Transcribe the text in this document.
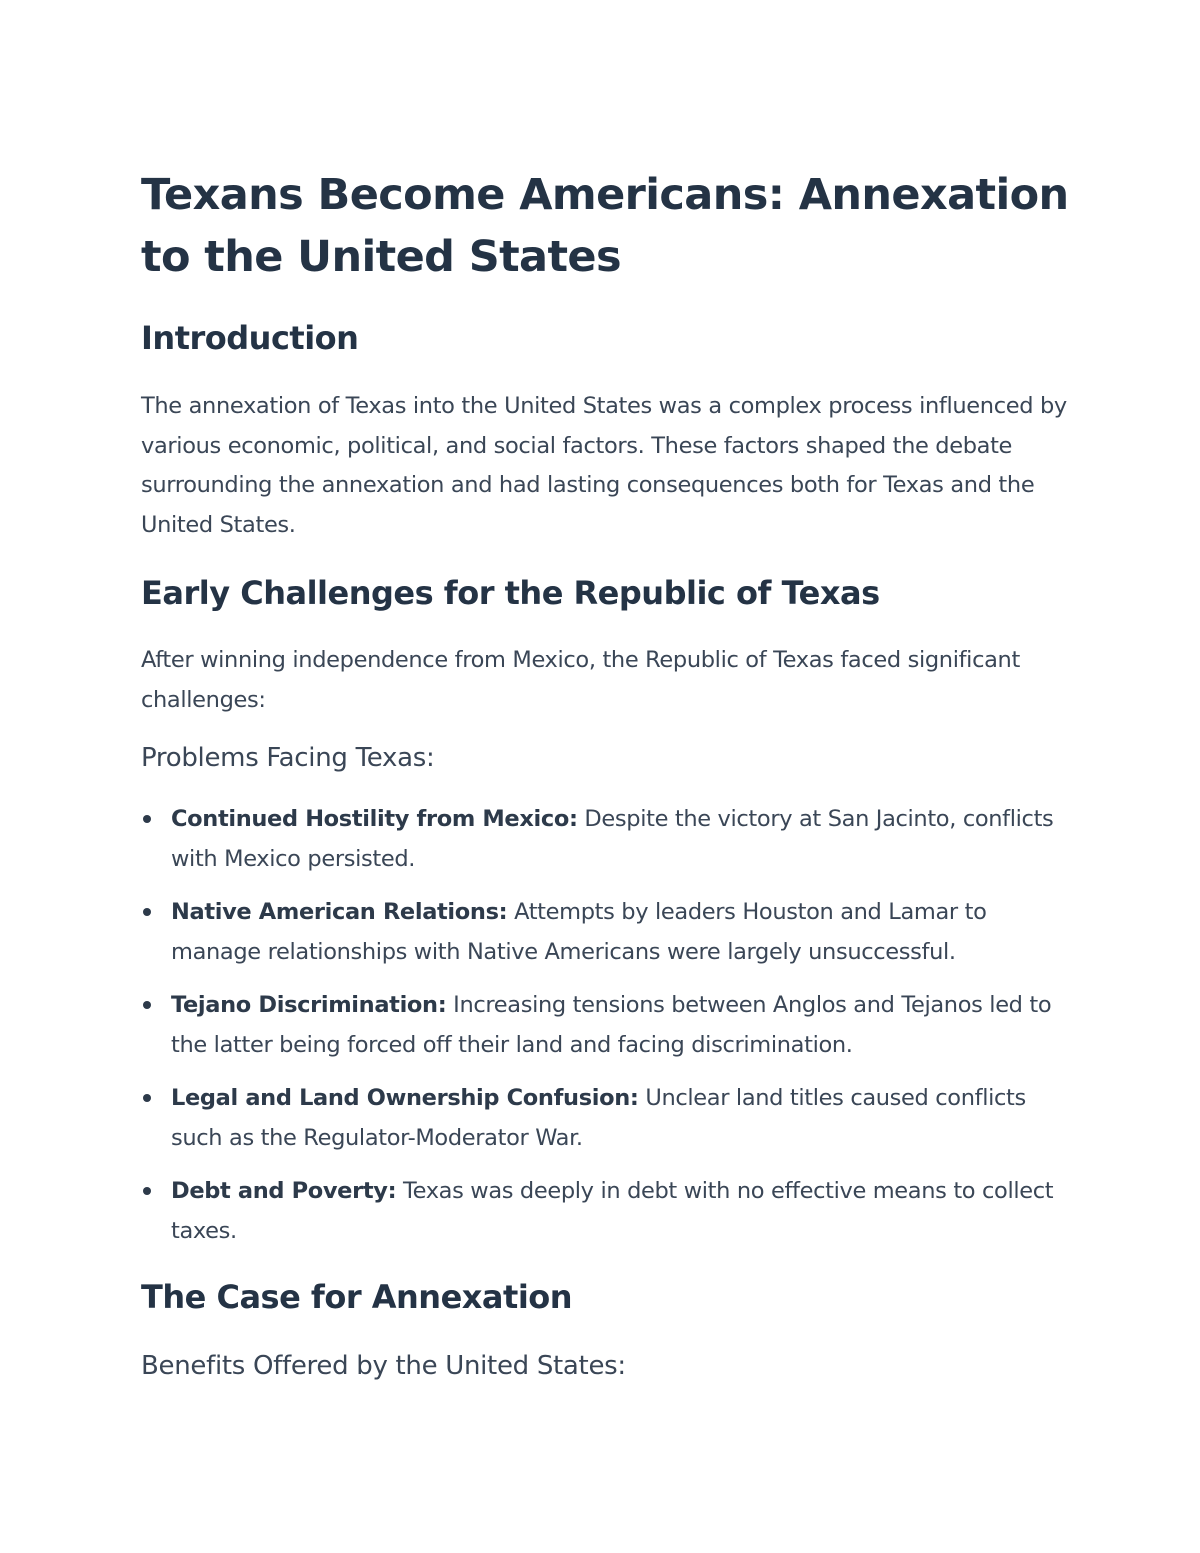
Texans Become Americans: Annexation to the United States
Introduction

The annexation of Texas into the United States was a complex process influenced by various economic, political, and social factors. These factors shaped the debate surrounding the annexation and had lasting consequences both for Texas and the United States.

Early Challenges for the Republic of Texas

After winning independence from Mexico, the Republic of Texas faced significant challenges:

Problems Facing Texas:
Continued Hostility from Mexico: Despite the victory at San Jacinto, conflicts with Mexico persisted.
Native American Relations: Attempts by leaders Houston and Lamar to manage relationships with Native Americans were largely unsuccessful.
Tejano Discrimination: Increasing tensions between Anglos and Tejanos led to the latter being forced off their land and facing discrimination.
Legal and Land Ownership Confusion: Unclear land titles caused conflicts such as the Regulator-Moderator War.
Debt and Poverty: Texas was deeply in debt with no effective means to collect taxes.
The Case for Annexation
Benefits Offered by the United States:
